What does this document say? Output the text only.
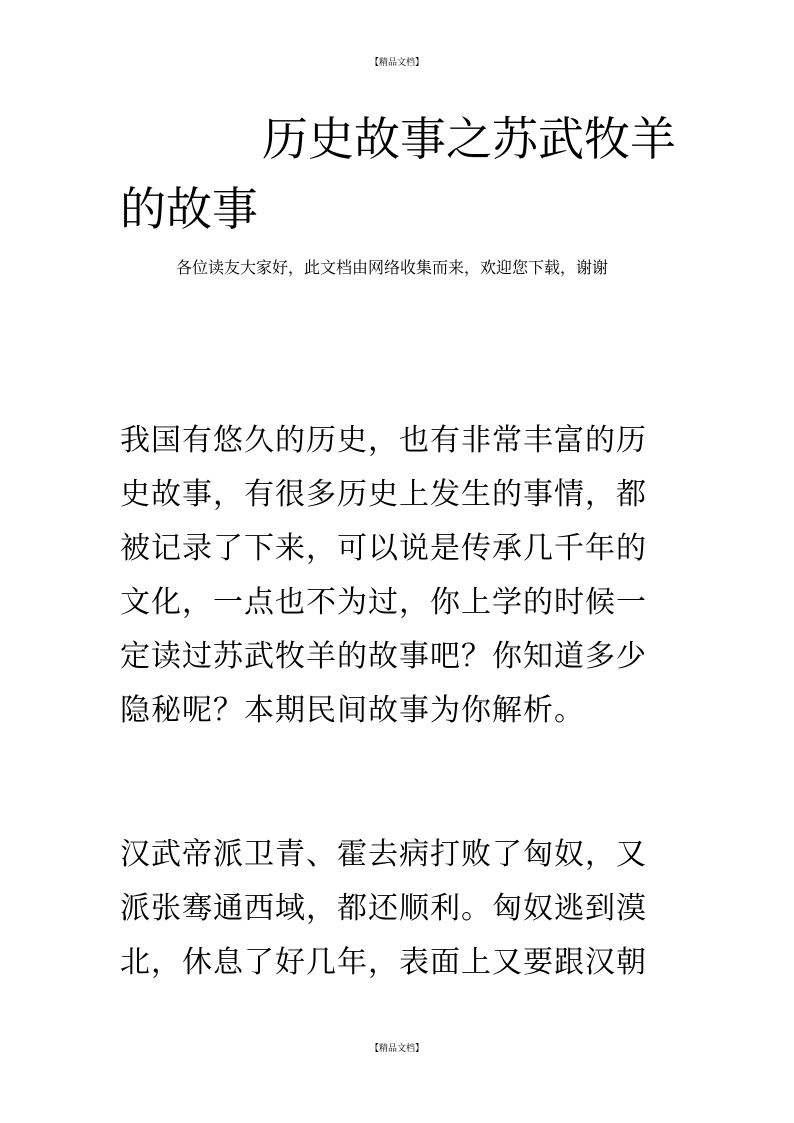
【精品文档】
历史故事之苏武牧羊的故事

各位读友大家好，此文档由网络收集而来，欢迎您下载，谢谢

我国有悠久的历史，也有非常丰富的历史故事，有很多历史上发生的事情，都被记录了下来，可以说是传承几千年的文化，一点也不为过，你上学的时候一定读过苏武牧羊的故事吧？你知道多少隐秘呢？本期民间故事为你解析。

汉武帝派卫青、霍去病打败了匈奴，又派张骞通西域，都还顺利。匈奴逃到漠北，休息了好几年，表面上又要跟汉朝

【精品文档】
